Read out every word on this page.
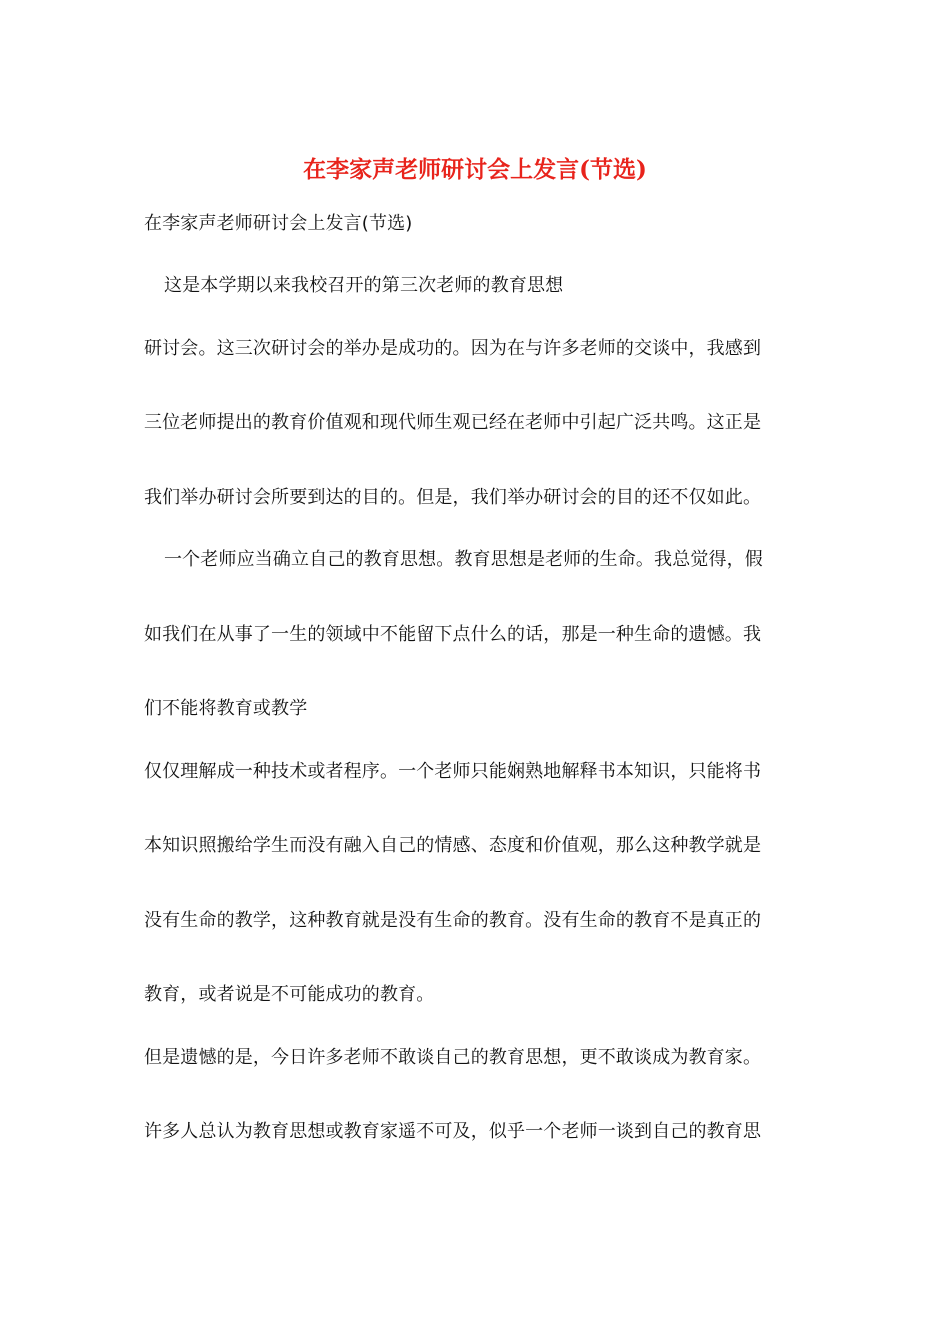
在李家声老师研讨会上发言(节选)
在李家声老师研讨会上发言(节选)
这是本学期以来我校召开的第三次老师的教育思想
研讨会。这三次研讨会的举办是成功的。因为在与许多老师的交谈中，我感到
三位老师提出的教育价值观和现代师生观已经在老师中引起广泛共鸣。这正是
我们举办研讨会所要到达的目的。但是，我们举办研讨会的目的还不仅如此。
一个老师应当确立自己的教育思想。教育思想是老师的生命。我总觉得，假
如我们在从事了一生的领域中不能留下点什么的话，那是一种生命的遗憾。我
们不能将教育或教学
仅仅理解成一种技术或者程序。一个老师只能娴熟地解释书本知识，只能将书
本知识照搬给学生而没有融入自己的情感、态度和价值观，那么这种教学就是
没有生命的教学，这种教育就是没有生命的教育。没有生命的教育不是真正的
教育，或者说是不可能成功的教育。
但是遗憾的是，今日许多老师不敢谈自己的教育思想，更不敢谈成为教育家。
许多人总认为教育思想或教育家遥不可及，似乎一个老师一谈到自己的教育思
